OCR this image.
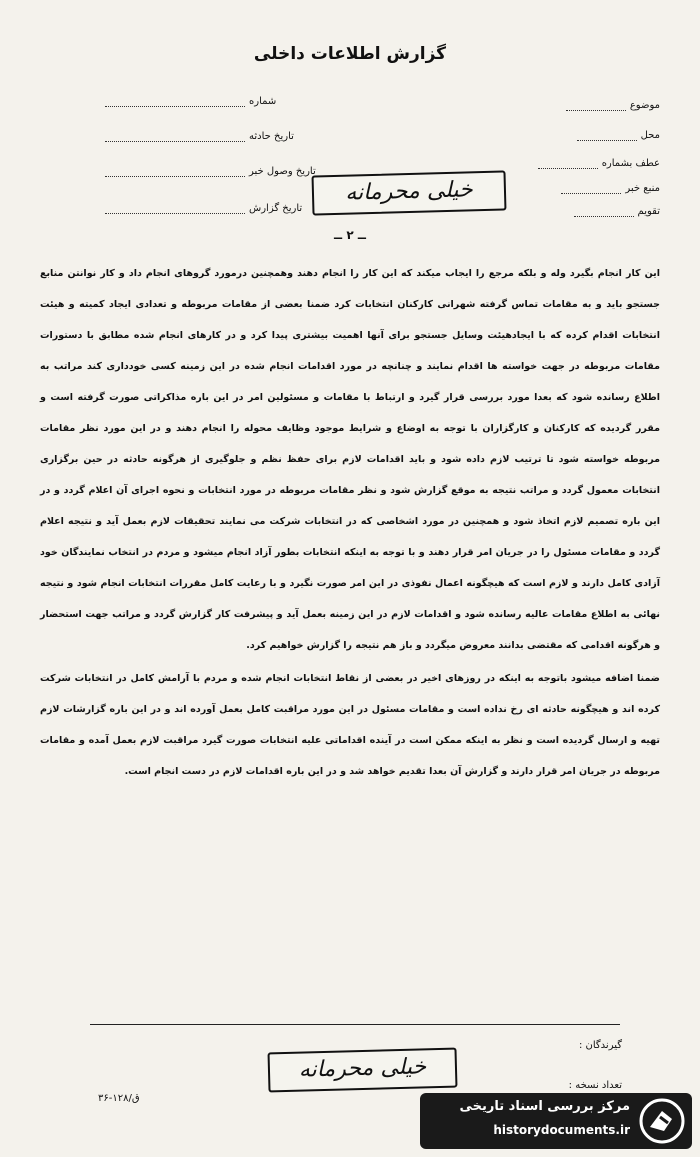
گزارش اطلاعات داخلی
شماره
تاریخ حادثه
تاریخ وصول خبر
تاریخ گزارش
موضوع
محل
عطف بشماره
منبع خبر
تقویم
خیلی محرمانه
ــ ۲ ــ

این کار انجام بگیرد وله و بلکه مرجع را ایجاب میکند که این کار را انجام دهند وهمچنین درمورد گروهای انجام داد و کار نوانتن منابع جستجو باید و به مقامات تماس گرفته شهرانی کارکنان انتخابات کرد ضمنا بعضی از مقامات مربوطه و تعدادی ایجاد کمیته و هیئت انتخابات اقدام کرده که با ایجادهیئت وسایل جستجو برای آنها اهمیت بیشتری پیدا کرد و در کارهای انجام شده مطابق با دستورات مقامات مربوطه در جهت خواسته ها اقدام نمایند و چنانچه در مورد اقدامات انجام شده در این زمینه کسی خودداری کند مراتب به اطلاع رسانده شود که بعدا مورد بررسی قرار گیرد و ارتباط با مقامات و مسئولین امر در این باره مذاکراتی صورت گرفته است و مقرر گردیده که کارکنان و کارگزاران با توجه به اوضاع و شرایط موجود وظایف محوله را انجام دهند و در این مورد نظر مقامات مربوطه خواسته شود تا ترتیب لازم داده شود و باید اقدامات لازم برای حفظ نظم و جلوگیری از هرگونه حادثه در حین برگزاری انتخابات معمول گردد و مراتب نتیجه به موقع گزارش شود و نظر مقامات مربوطه در مورد انتخابات و نحوه اجرای آن اعلام گردد و در این باره تصمیم لازم اتخاذ شود و همچنین در مورد اشخاصی که در انتخابات شرکت می نمایند تحقیقات لازم بعمل آید و نتیجه اعلام گردد و مقامات مسئول را در جریان امر قرار دهند و با توجه به اینکه انتخابات بطور آزاد انجام میشود و مردم در انتخاب نمایندگان خود آزادی کامل دارند و لازم است که هیچگونه اعمال نفوذی در این امر صورت نگیرد و با رعایت کامل مقررات انتخابات انجام شود و نتیجه نهائی به اطلاع مقامات عالیه رسانده شود و اقدامات لازم در این زمینه بعمل آید و پیشرفت کار گزارش گردد و مراتب جهت استحضار و هرگونه اقدامی که مقتضی بدانند معروض میگردد و باز هم نتیجه را گزارش خواهیم کرد.

ضمنا اضافه میشود باتوجه به اینکه در روزهای اخیر در بعضی از نقاط انتخابات انجام شده و مردم با آرامش کامل در انتخابات شرکت کرده اند و هیچگونه حادثه ای رخ نداده است و مقامات مسئول در این مورد مراقبت کامل بعمل آورده اند و در این باره گزارشات لازم تهیه و ارسال گردیده است و نظر به اینکه ممکن است در آینده اقداماتی علیه انتخابات صورت گیرد مراقبت لازم بعمل آمده و مقامات مربوطه در جریان امر قرار دارند و گزارش آن بعدا تقدیم خواهد شد و در این باره اقدامات لازم در دست انجام است.

گیرندگان :
تعداد نسخه :
خیلی محرمانه
۳۶-۱۲۸/ق
مرکز بررسی اسناد تاریخی
historydocuments.ir
